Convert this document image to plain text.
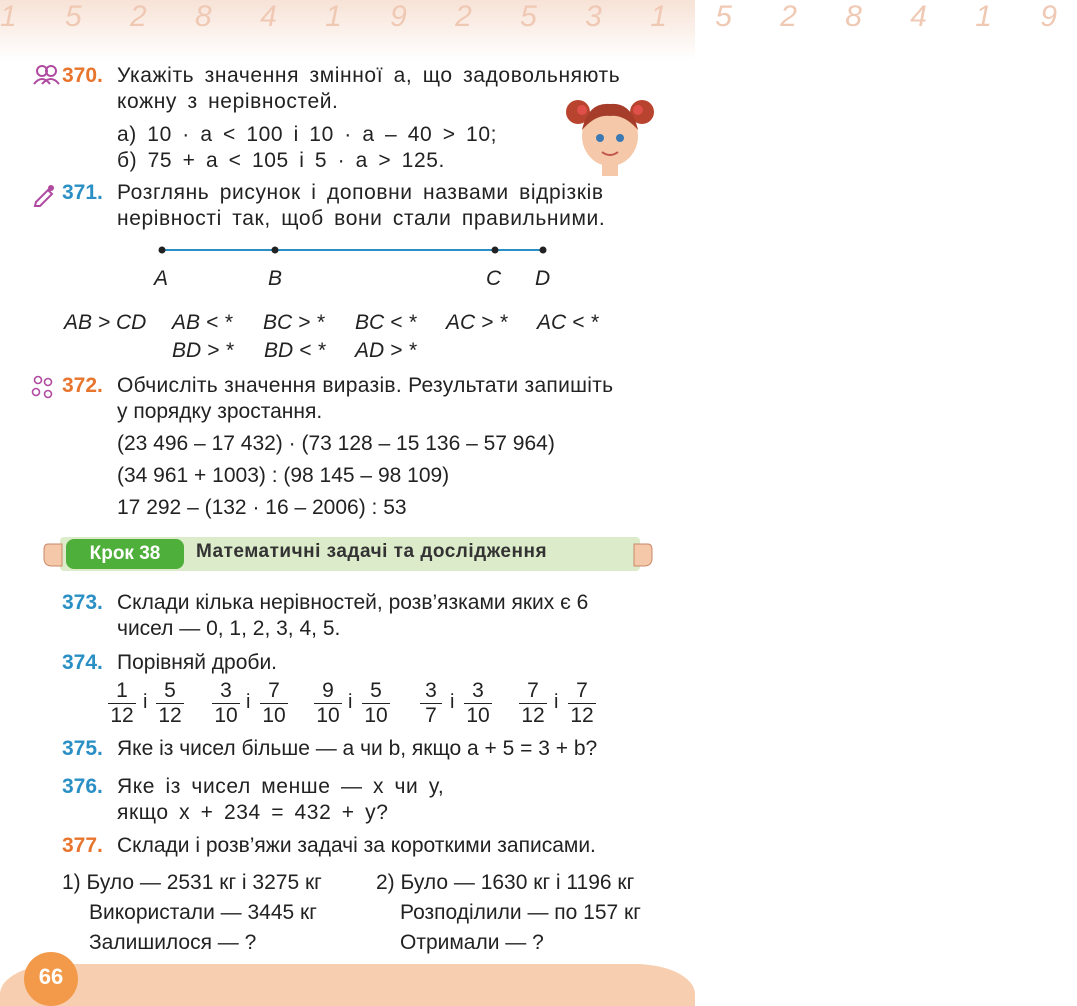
1 5 2 8 4 1 9 2 5 3 1 5 2 8 4 1 9
370. Укажіть значення змінної а, що задовольняють
кожну з нерівностей.
а) 10 · а < 100 і 10 · а – 40 > 10;
б) 75 + а < 105 і 5 · а > 125.
371. Розглянь рисунок і доповни назвами відрізків
нерівності так, щоб вони стали правильними.
A	B	C D
AB > CD AB < * BC > * BC < * AC > * AC < *
BD > * BD < * AD > *
372. Обчисліть значення виразів. Результати запишіть
у порядку зростання.
(23 496 – 17 432) · (73 128 – 15 136 – 57 964)
(34 961 + 1003) : (98 145 – 98 109)
17 292 – (132 · 16 – 2006) : 53
Крок 38	Математичні задачі та дослідження
373. Склади кілька нерівностей, розв’язками яких є 6
чисел — 0, 1, 2, 3, 4, 5.
374. Порівняй дроби.
1
12
і 5
12
3
10
і 7
10
9
10
і 5
10
3
7
і 3
10
7
12
і 7
12
375. Яке із чисел більше — а чи b, якщо а + 5 = 3 + b?
376. Яке із чисел менше — х чи у,
якщо х + 234 = 432 + у?
377. Склади і розв’яжи задачі за короткими записами.
1) Було — 2531 кг і 3275 кг
Використали — 3445 кг
Залишилося — ?
2) Було — 1630 кг і 1196 кг
Розподілили — по 157 кг
Отримали — ?
66
